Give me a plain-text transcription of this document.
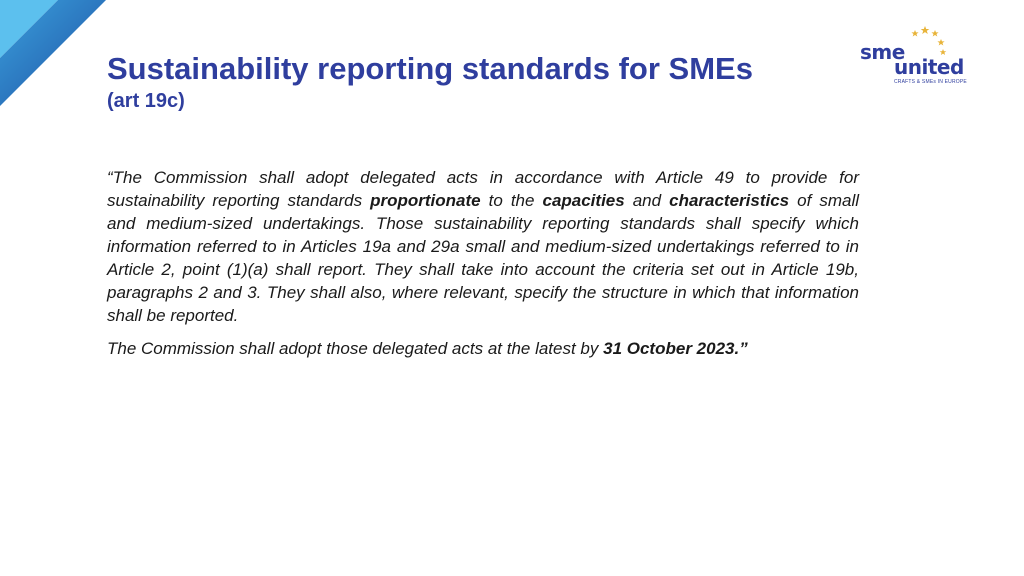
Sustainability reporting standards for SMEs
(art 19c)
sme
united
CRAFTS & SMEs IN EUROPE

“The Commission shall adopt delegated acts in accordance with Article 49 to provide for sustainability reporting standards proportionate to the capacities and characteristics of small and medium-sized undertakings. Those sustainability reporting standards shall specify which information referred to in Articles 19a and 29a small and medium-sized undertakings referred to in Article 2, point (1)(a) shall report. They shall take into account the criteria set out in Article 19b, paragraphs 2 and 3. They shall also, where relevant, specify the structure in which that information shall be reported.

The Commission shall adopt those delegated acts at the latest by 31 October 2023.”
